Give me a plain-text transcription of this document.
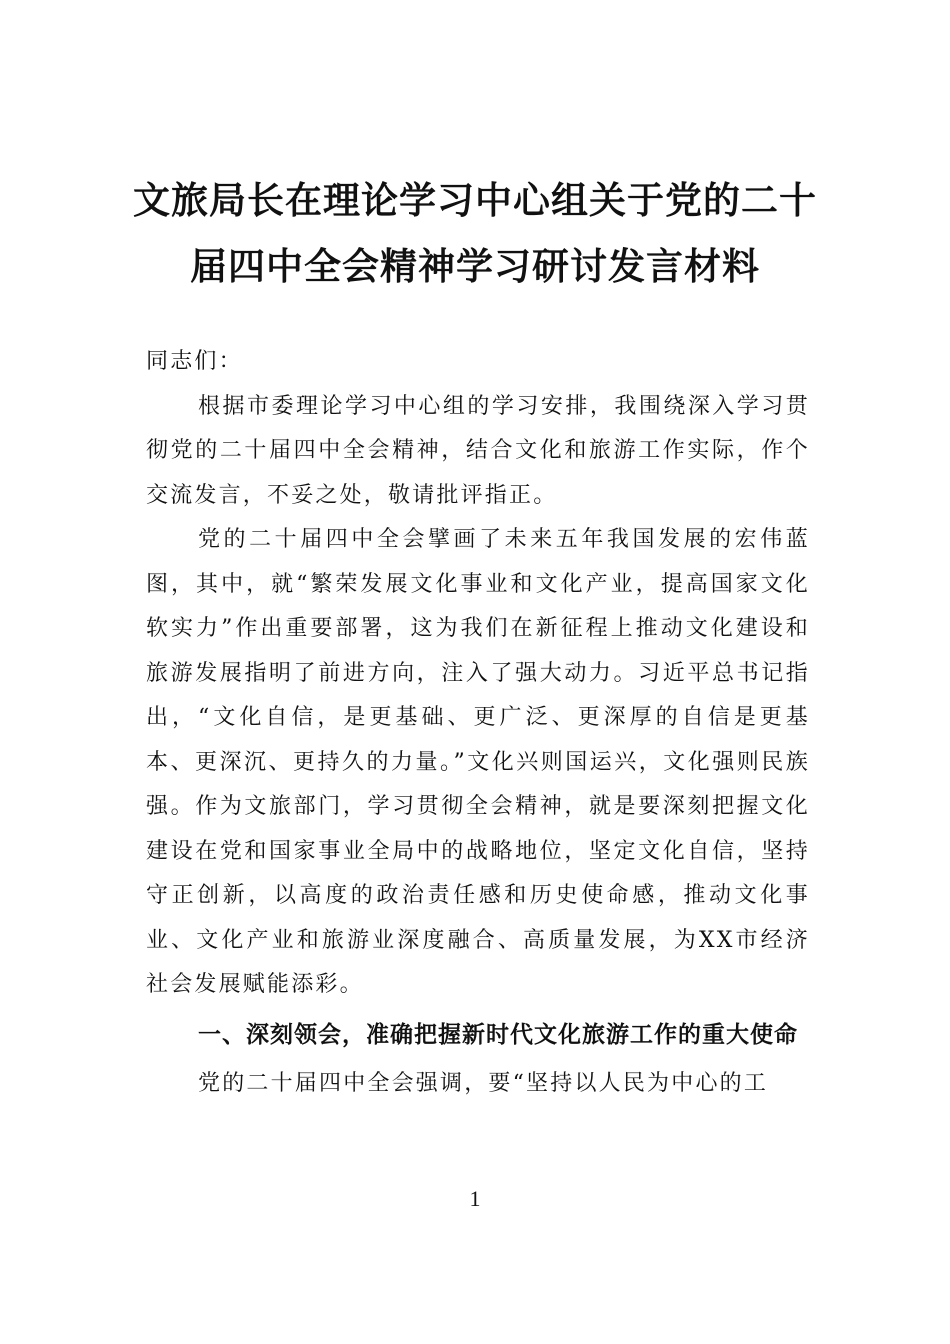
文旅局长在理论学习中心组关于党的二十
届四中全会精神学习研讨发言材料

同志们：

根据市委理论学习中心组的学习安排，我围绕深入学习贯彻党的二十届四中全会精神，结合文化和旅游工作实际，作个交流发言，不妥之处，敬请批评指正。

党的二十届四中全会擘画了未来五年我国发展的宏伟蓝图，其中，就“繁荣发展文化事业和文化产业，提高国家文化软实力”作出重要部署，这为我们在新征程上推动文化建设和旅游发展指明了前进方向，注入了强大动力。习近平总书记指出，“文化自信，是更基础、更广泛、更深厚的自信是更基本、更深沉、更持久的力量。”文化兴则国运兴，文化强则民族强。作为文旅部门，学习贯彻全会精神，就是要深刻把握文化建设在党和国家事业全局中的战略地位，坚定文化自信，坚持守正创新，以高度的政治责任感和历史使命感，推动文化事业、文化产业和旅游业深度融合、高质量发展，为XX市经济社会发展赋能添彩。

一、深刻领会，准确把握新时代文化旅游工作的重大使命

党的二十届四中全会强调，要“坚持以人民为中心的工

1
